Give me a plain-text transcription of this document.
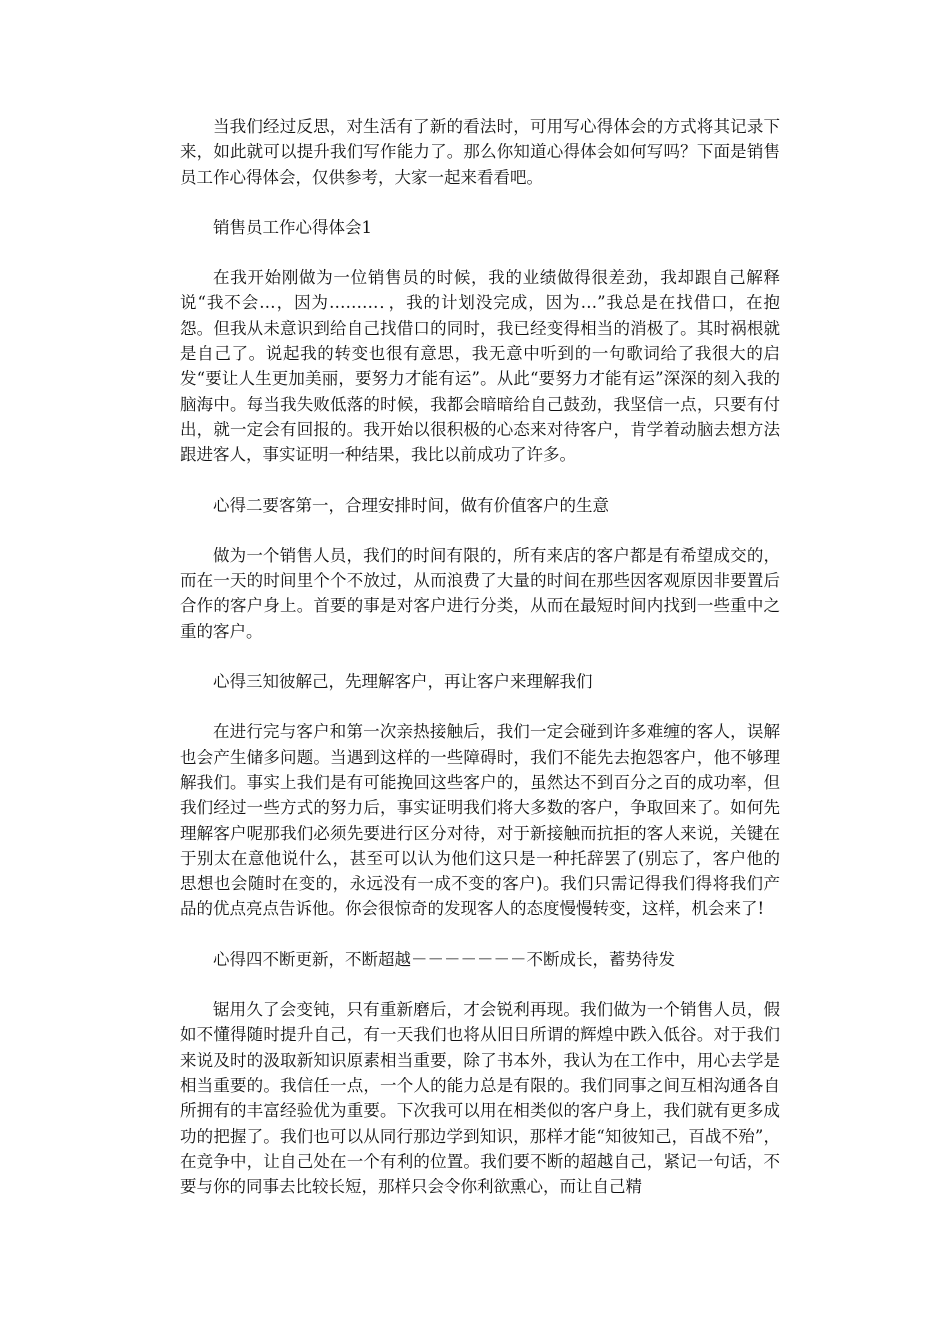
当我们经过反思，对生活有了新的看法时，可用写心得体会的方式将其记录下来，如此就可以提升我们写作能力了。那么你知道心得体会如何写吗？下面是销售员工作心得体会，仅供参考，大家一起来看看吧。

销售员工作心得体会1

在我开始刚做为一位销售员的时候，我的业绩做得很差劲，我却跟自己解释说“我不会…，因为………．，我的计划没完成，因为…”我总是在找借口，在抱怨。但我从未意识到给自己找借口的同时，我已经变得相当的消极了。其时祸根就是自己了。说起我的转变也很有意思，我无意中听到的一句歌词给了我很大的启发“要让人生更加美丽，要努力才能有运”。从此“要努力才能有运”深深的刻入我的脑海中。每当我失败低落的时候，我都会暗暗给自己鼓劲，我坚信一点，只要有付出，就一定会有回报的。我开始以很积极的心态来对待客户，肯学着动脑去想方法跟进客人，事实证明一种结果，我比以前成功了许多。

心得二要客第一，合理安排时间，做有价值客户的生意

做为一个销售人员，我们的时间有限的，所有来店的客户都是有希望成交的，而在一天的时间里个个不放过，从而浪费了大量的时间在那些因客观原因非要置后合作的客户身上。首要的事是对客户进行分类，从而在最短时间内找到一些重中之重的客户。

心得三知彼解己，先理解客户，再让客户来理解我们

在进行完与客户和第一次亲热接触后，我们一定会碰到许多难缠的客人，误解也会产生储多问题。当遇到这样的一些障碍时，我们不能先去抱怨客户，他不够理解我们。事实上我们是有可能挽回这些客户的，虽然达不到百分之百的成功率，但我们经过一些方式的努力后，事实证明我们将大多数的客户，争取回来了。如何先理解客户呢那我们必须先要进行区分对待，对于新接触而抗拒的客人来说，关键在于别太在意他说什么，甚至可以认为他们这只是一种托辞罢了(别忘了，客户他的思想也会随时在变的，永远没有一成不变的客户)。我们只需记得我们得将我们产品的优点亮点告诉他。你会很惊奇的发现客人的态度慢慢转变，这样，机会来了!

心得四不断更新，不断超越－－－－－－－不断成长，蓄势待发

锯用久了会变钝，只有重新磨后，才会锐利再现。我们做为一个销售人员，假如不懂得随时提升自己，有一天我们也将从旧日所谓的辉煌中跌入低谷。对于我们来说及时的汲取新知识原素相当重要，除了书本外，我认为在工作中，用心去学是相当重要的。我信任一点，一个人的能力总是有限的。我们同事之间互相沟通各自所拥有的丰富经验优为重要。下次我可以用在相类似的客户身上，我们就有更多成功的把握了。我们也可以从同行那边学到知识，那样才能“知彼知己，百战不殆”，在竞争中，让自己处在一个有利的位置。我们要不断的超越自己，紧记一句话，不要与你的同事去比较长短，那样只会令你利欲熏心，而让自己精
